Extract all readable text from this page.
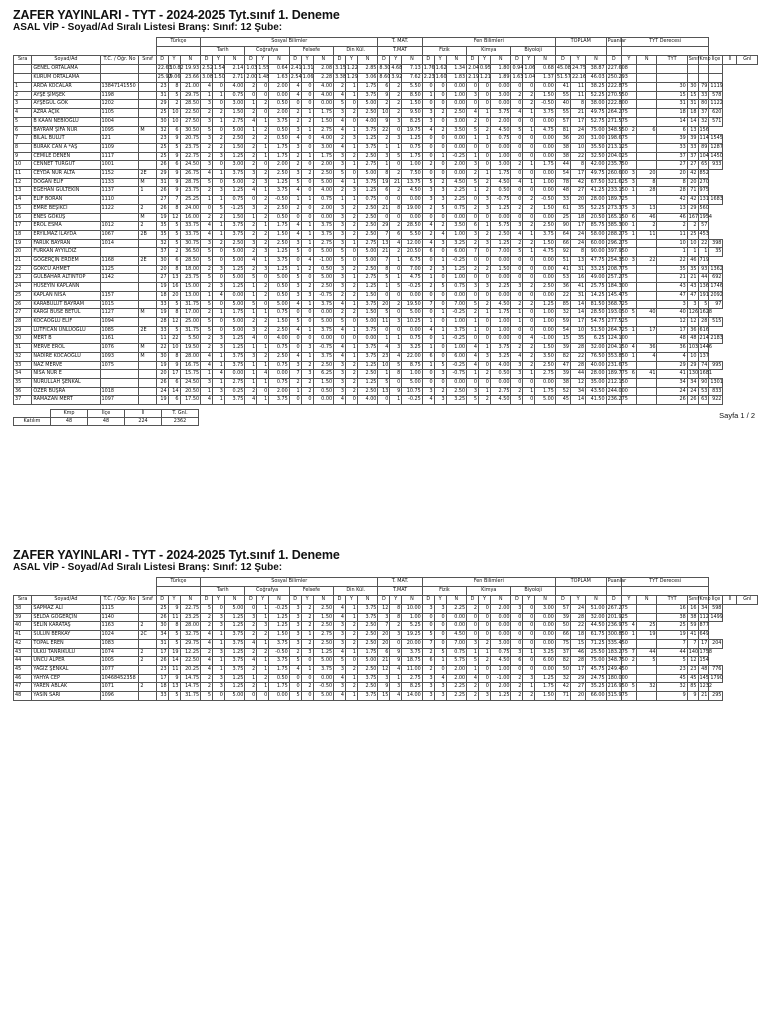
ZAFER YAYINLARI - TYT - 2024-2025 Tyt.sınıf 1. Deneme
ASAL VİP - Soyad/Ad Sıralı Listesi Branş: Sınıf: 12 Şube:
				Türkçe			Sosyal Bilimler												T. MAT.			Fen Bilimleri									TOPLAM			Puanlar	TYT Derecesi							
							Tarih			Coğrafya			Felsefe			Din Kül.			T.MAT			Fizik			Kimya			Biyoloji														
Sıra	Soyad/Ad	T.C. / Öğr. No	Sınıf	D	Y	N	D	Y	N	D	Y	N	D	Y	N	D	Y	N	D	Y	N	D	Y	N	D	Y	N	D	Y	N	D	Y	N	D	Y	N	TYT	Sınıf	Kmp	İlçe	İl	Gnl
	GENEL ORTALAMA			22.63	10.82	19.93	2.52	1.54	2.14	1.03	1.55	0.64	2.41	1.31	2.08	3.15	1.22	2.85	8.30	4.68	7.13	1.76	1.62	1.34	2.04	0.95	1.80	0.94	1.06	0.68	45.08	24.75	38.87	227.608								
	KURUM ORTALAMA			25.92	9.06	23.66	3.08	1.50	2.71	2.00	1.48	1.63	2.54	1.06	2.28	3.38	1.29	3.06	8.60	3.92	7.62	2.23	1.60	1.83	2.19	1.21	1.89	1.63	1.04	1.37	51.57	22.16	46.03	250.293								
1	ARDA KOCALAR	13847141550		23	8	21.00	4	0	4.00	2	0	2.00	4	0	4.00	2	1	1.75	6	2	5.50	0	0	0.00	0	0	0.00	0	0	0.00	41	11	38.25	222.875			30	30	79	1119		
2	AYŞE ŞİMŞEK	1198		31	5	29.75	1	1	0.75	0	0	0.00	4	0	4.00	4	1	3.75	9	2	8.50	1	0	1.00	3	0	3.00	2	2	1.50	55	11	52.25	270.550			15	15	33	578		
3	AYŞEGÜL GÖK	1202		29	2	28.50	3	0	3.00	1	2	0.50	0	0	0.00	5	0	5.00	2	2	1.50	0	0	0.00	0	0	0.00	0	2	-0.50	40	8	38.00	222.800			31	31	80	1122		
4	AZRA AÇIK	1105		25	10	22.50	2	2	1.50	2	0	2.00	2	1	1.75	3	2	2.50	10	2	9.50	3	2	2.50	4	1	3.75	4	1	3.75	55	21	49.75	264.275			18	18	37	620		
5	B KAAN NEBİOĞLU	1004		30	10	27.50	3	1	2.75	4	1	3.75	2	2	1.50	4	0	4.00	9	3	8.25	3	0	3.00	2	0	2.00	0	0	0.00	57	17	52.75	271.575			14	14	32	571		
6	BAYRAM ŞİFA NUR	1095	M	32	6	30.50	5	0	5.00	1	2	0.50	3	1	2.75	4	1	3.75	22	0	19.75	4	2	3.50	5	2	4.50	5	1	4.75	81	24	75.00	348.550	2	6	6	13	156			
7	BİLAL BULUT	121		23	9	20.75	3	2	2.50	2	2	0.50	4	0	4.00	2	3	1.25	2	3	1.25	0	0	0.00	1	1	0.75	0	0	0.00	36	20	31.00	198.675			39	39	114	1545		
8	BURAK CAN A *AŞ	1109		25	5	23.75	2	2	1.50	2	1	1.75	3	0	3.00	4	1	3.75	1	1	0.75	0	0	0.00	0	0	0.00	0	0	0.00	38	10	35.50	213.125			33	33	89	1287		
9	CEMİLE DENEN	1117		25	9	22.75	2	3	1.25	2	1	1.75	2	1	1.75	3	2	2.50	3	5	1.75	0	1	-0.25	1	0	1.00	0	0	0.00	38	22	32.50	204.025			37	37	104	1450		
10	CENNET TURGUT	1001		26	6	24.50	3	0	3.00	2	0	2.00	2	0	2.00	3	1	2.75	1	0	1.00	2	0	2.00	3	0	3.00	2	1	1.75	44	8	42.00	235.750			27	27	65	933		
11	CEYDA NUR ALTA	1152	2E	29	9	26.75	4	1	3.75	3	2	2.50	3	2	2.50	5	0	5.00	8	2	7.50	0	0	0.00	2	1	1.75	0	0	0.00	54	17	49.75	260.600	3	20	20	42	852			
12	DOĞAN ELİF	1133	M	31	9	28.75	5	0	5.00	2	3	1.25	5	0	5.00	4	1	3.75	19	21	13.75	5	2	4.50	5	2	4.50	4	1	1.00	78	42	67.50	321.625	3	8	8	20	270			
13	EGEHAN GÜLTEKİN	1137	1	26	9	23.75	2	3	1.25	4	1	3.75	4	0	4.00	2	3	1.25	6	2	4.50	3	3	2.25	1	2	0.50	0	0	0.00	48	27	41.25	233.150	1	28	28	71	975			
14	ELİF BORAN	1110		27	7	25.25	1	1	0.75	0	2	-0.50	1	1	0.75	1	1	0.75	0	0	0.00	3	3	2.25	0	3	-0.75	0	2	-0.50	33	20	28.00	189.725			42	42	131	1683		
15	EMRE BEŞİKCİ	1122	2	26	8	24.00	0	5	-1.25	3	2	2.50	2	0	2.00	3	2	2.50	21	8	19.00	2	5	0.75	2	3	1.25	2	2	1.50	61	35	52.25	273.375	3	13	13	29	560			
16	ENES GÖKÜŞ		M	19	12	16.00	2	2	1.50	1	2	0.50	0	0	0.00	3	2	2.50	0	0	0.00	0	0	0.00	0	0	0.00	0	0	0.00	25	18	20.50	165.150	6	46	46	167	1954			
17	EROL ESMA	1012	2	35	5	33.75	4	1	3.75	2	1	1.75	4	1	3.75	3	2	2.50	29	2	28.50	4	2	3.50	6	1	5.75	3	2	2.50	90	17	85.75	385.300	1	2	2	2	57			
18	ERYILMAZ İLAYDA	1067	2B	35	5	33.75	4	1	3.75	2	2	1.50	4	1	3.75	3	2	2.50	7	6	5.50	2	4	1.00	3	2	2.50	4	1	3.75	64	24	58.00	288.275	1	11	11	25	453			
19	FARUK BAYRAN	1014		32	5	30.75	3	2	2.50	3	2	2.50	3	1	2.75	3	1	2.75	13	4	12.00	4	3	3.25	2	3	1.25	2	2	1.50	66	24	60.00	296.275			10	10	22	398		
20	FURKAN AYYILDIZ			37	2	36.50	5	0	5.00	2	3	1.25	5	0	5.00	5	0	5.00	21	2	20.50	6	0	6.00	7	0	7.00	5	1	4.75	92	8	90.00	397.950			1	1	1	35		
21	GÖĞERÇİN ERDEM	1168	2E	30	6	28.50	5	0	5.00	4	1	3.75	0	4	-1.00	5	0	5.00	7	1	6.75	0	1	-0.25	0	0	0.00	0	0	0.00	51	13	47.75	254.350	3	22	22	46	719			
22	GÖKCÜ AHMET	1125		20	8	18.00	2	3	1.25	2	3	1.25	1	2	0.50	3	2	2.50	8	0	7.00	2	3	1.25	2	2	1.50	0	0	0.00	41	31	33.25	208.775			35	35	93	1362		
23	GÜLBAHAR ALTINTOP	1142		27	13	23.75	5	0	5.00	5	0	5.00	5	0	5.00	3	1	2.75	5	1	4.75	1	0	1.00	0	0	0.00	0	0	0.00	53	16	49.00	257.275			21	21	44	692		
24	HÜSEYİN KAPLANN			19	16	15.00	2	3	1.25	1	2	0.50	3	2	2.50	3	2	1.25	1	5	-0.25	2	5	0.75	3	3	2.25	3	2	2.50	36	41	25.75	184.300			43	43	136	1746		
25	KAPLAN NİSA	1157		18	20	13.00	1	4	0.00	1	2	0.50	3	3	-0.75	2	2	1.50	0	0	0.00	0	0	0.00	0	0	0.00	0	0	0.00	22	31	14.25	145.475			47	47	191	2092		
26	KARABULUT BAYRAM	1015		33	5	31.75	5	0	5.00	5	0	5.00	4	1	3.75	4	1	3.75	20	2	19.50	7	0	7.00	5	2	4.50	2	2	1.25	85	14	81.50	368.725			3	3	5	97		
27	KARGİ BUSE BETÜL	1127	M	19	8	17.00	2	1	1.75	1	1	0.75	0	0	0.00	2	2	1.50	5	0	5.00	0	1	-0.25	2	1	1.75	1	0	1.00	32	14	28.50	193.050	5	40	40	126	1628			
28	KOCAOĞLU ELİF	1094		28	12	25.00	5	0	5.00	2	2	1.50	5	0	5.00	5	0	5.00	11	3	10.25	1	0	1.00	1	0	1.00	1	0	1.00	59	17	54.75	277.525			12	12	28	515		
29	LÜTFİCAN ÜNLÜOĞLU	1085	2E	33	5	31.75	5	0	5.00	3	2	2.50	4	1	3.75	4	1	3.75	0	0	0.00	4	1	3.75	1	0	1.00	0	0	0.00	54	10	51.50	264.725	1	17	17	36	616			
30	MERT B	1161		11	22	5.50	2	3	1.25	4	0	4.00	0	0	0.00	0	0	0.00	1	1	0.75	0	1	-0.25	0	0	0.00	0	4	-1.00	15	35	6.25	124.100			48	48	214	2183		
31	MERVE EROL	1076	M	22	10	19.50	2	3	1.25	1	1	0.75	0	3	-0.75	4	1	3.75	4	3	3.25	1	0	1.00	4	1	3.75	2	2	1.50	39	28	32.00	204.150	4	36	36	103	1446			
32	NADİRE KOCAOĞLU	1093	M	30	8	28.00	4	1	3.75	3	2	2.50	4	1	3.75	4	1	3.75	23	4	22.00	6	0	6.00	4	3	3.25	4	2	3.50	82	22	76.50	353.850	1	4	4	10	137			
33	NAZ MERVE	1075		19	9	16.75	4	1	3.75	1	1	0.75	3	2	2.50	3	2	1.25	10	5	8.75	1	5	-0.25	4	0	4.00	3	2	2.50	47	28	40.00	231.675			29	29	74	995		
34	NİSA NUR E			20	17	15.75	1	4	0.00	1	4	0.00	7	3	6.25	3	2	2.50	1	8	1.00	0	3	-0.75	1	2	0.50	3	1	2.75	39	44	28.00	189.775	6	41	41	130	1681			
35	NURULLAH ŞENKAL			26	6	24.50	3	1	2.75	1	1	0.75	2	2	1.50	3	2	1.25	5	0	5.00	0	0	0.00	0	0	0.00	0	0	0.00	38	12	35.00	212.150			34	34	90	1301		
36	ÖZER BÜŞRA	1018		24	14	20.50	1	3	0.25	2	0	2.00	1	2	0.50	3	2	2.50	13	9	10.75	3	2	2.50	3	1	2.75	2	1	1.75	52	34	43.50	244.000			24	24	53	833		
37	RAMAZAN MERT	1097		19	6	17.50	4	1	3.75	4	1	3.75	0	0	0.00	4	0	4.00	0	1	-0.25	4	3	3.25	5	2	4.50	5	0	5.00	45	14	41.50	236.275			26	26	63	922		
	Kmp	İlçe	İl	T. Gnl.
Katılım	48	48	224	2362
Sayfa 1 / 2
ZAFER YAYINLARI - TYT - 2024-2025 Tyt.sınıf 1. Deneme
ASAL VİP - Soyad/Ad Sıralı Listesi Branş: Sınıf: 12 Şube:
				Türkçe			Sosyal Bilimler												T. MAT.			Fen Bilimleri									TOPLAM			Puanlar	TYT Derecesi							
							Tarih			Coğrafya			Felsefe			Din Kül.			T.MAT			Fizik			Kimya			Biyoloji														
Sıra	Soyad/Ad	T.C. / Öğr. No	Sınıf	D	Y	N	D	Y	N	D	Y	N	D	Y	N	D	Y	N	D	Y	N	D	Y	N	D	Y	N	D	Y	N	D	Y	N	D	Y	N	TYT	Sınıf	Kmp	İlçe	İl	Gnl
38	SAPMAZ ALİ	1115		25	9	22.75	5	0	5.00	0	1	-0.25	3	2	2.50	4	1	3.75	12	8	10.00	3	3	2.25	2	0	2.00	3	0	3.00	57	24	51.00	267.275			16	16	34	598		
39	SELDA GÖĞERÇİN	1140		26	11	23.25	2	3	1.25	3	1	1.25	3	2	1.50	4	1	3.75	3	8	1.00	0	0	0.00	0	0	0.00	0	0	0.00	39	28	32.00	201.925			38	38	112	1499		
40	SELİN KARATAŞ	1163	2	30	8	28.00	2	3	1.25	2	3	1.25	3	2	2.50	3	2	2.50	7	2	5.25	0	0	0.00	0	0	0.00	0	0	0.00	50	22	44.50	236.975	4	25	25	59	877			
41	SULUN BERKAY	1024	2C	34	5	32.75	4	1	3.75	2	2	1.50	3	1	2.75	3	2	2.50	20	3	19.25	5	0	4.50	0	0	0.00	0	0	0.00	66	18	61.75	300.850	1	19	19	41	649			
42	TOPAL EREN	1083		31	5	29.75	4	1	3.75	4	1	3.75	3	2	2.50	3	2	2.50	20	0	20.00	7	0	7.00	3	2	3.00	0	0	0.00	75	15	71.25	335.450			7	7	17	204		
43	ÜLKÜ TANRIKULU	1074	2	17	19	12.25	2	3	1.25	2	2	-0.50	2	3	1.25	4	1	1.75	6	9	3.75	2	5	0.75	1	1	0.75	3	1	3.25	37	46	25.50	183.275	7	44	44	140	1758			
44	UNCU ALPER	1005	2	26	14	22.50	4	1	3.75	4	1	3.75	5	0	5.00	5	0	5.00	21	9	18.75	6	1	5.75	5	2	4.50	6	0	6.00	82	28	75.00	348.750	2	5	5	12	154			
45	YAĞIZ ŞENKAL	1077		23	11	20.25	4	1	3.75	2	1	1.75	4	1	3.75	3	2	2.50	12	4	11.00	2	0	2.00	1	0	1.00	0	0	0.00	50	17	45.75	249.450			23	23	48	776		
46	YAHYA CEP	10468452358		17	9	14.75	2	3	1.25	1	2	0.50	0	0	0.00	4	1	3.75	3	1	2.75	3	4	2.00	4	0	-1.00	2	3	1.25	32	29	24.75	180.000			45	45	145	1790		
47	YAREN ABLAK	1071	2	18	13	14.75	2	3	1.25	2	1	1.75	0	2	-0.50	3	2	2.50	9	3	8.25	3	3	2.25	2	0	2.00	2	1	1.75	42	27	35.25	216.950	5	32	32	85	1232			
48	YASİN SARI	1096		33	5	31.75	5	0	5.00	0	0	0.00	5	0	5.00	4	1	3.75	15	4	14.00	3	3	2.25	2	3	1.25	2	2	1.50	71	20	66.00	315.975			9	9	21	295		
